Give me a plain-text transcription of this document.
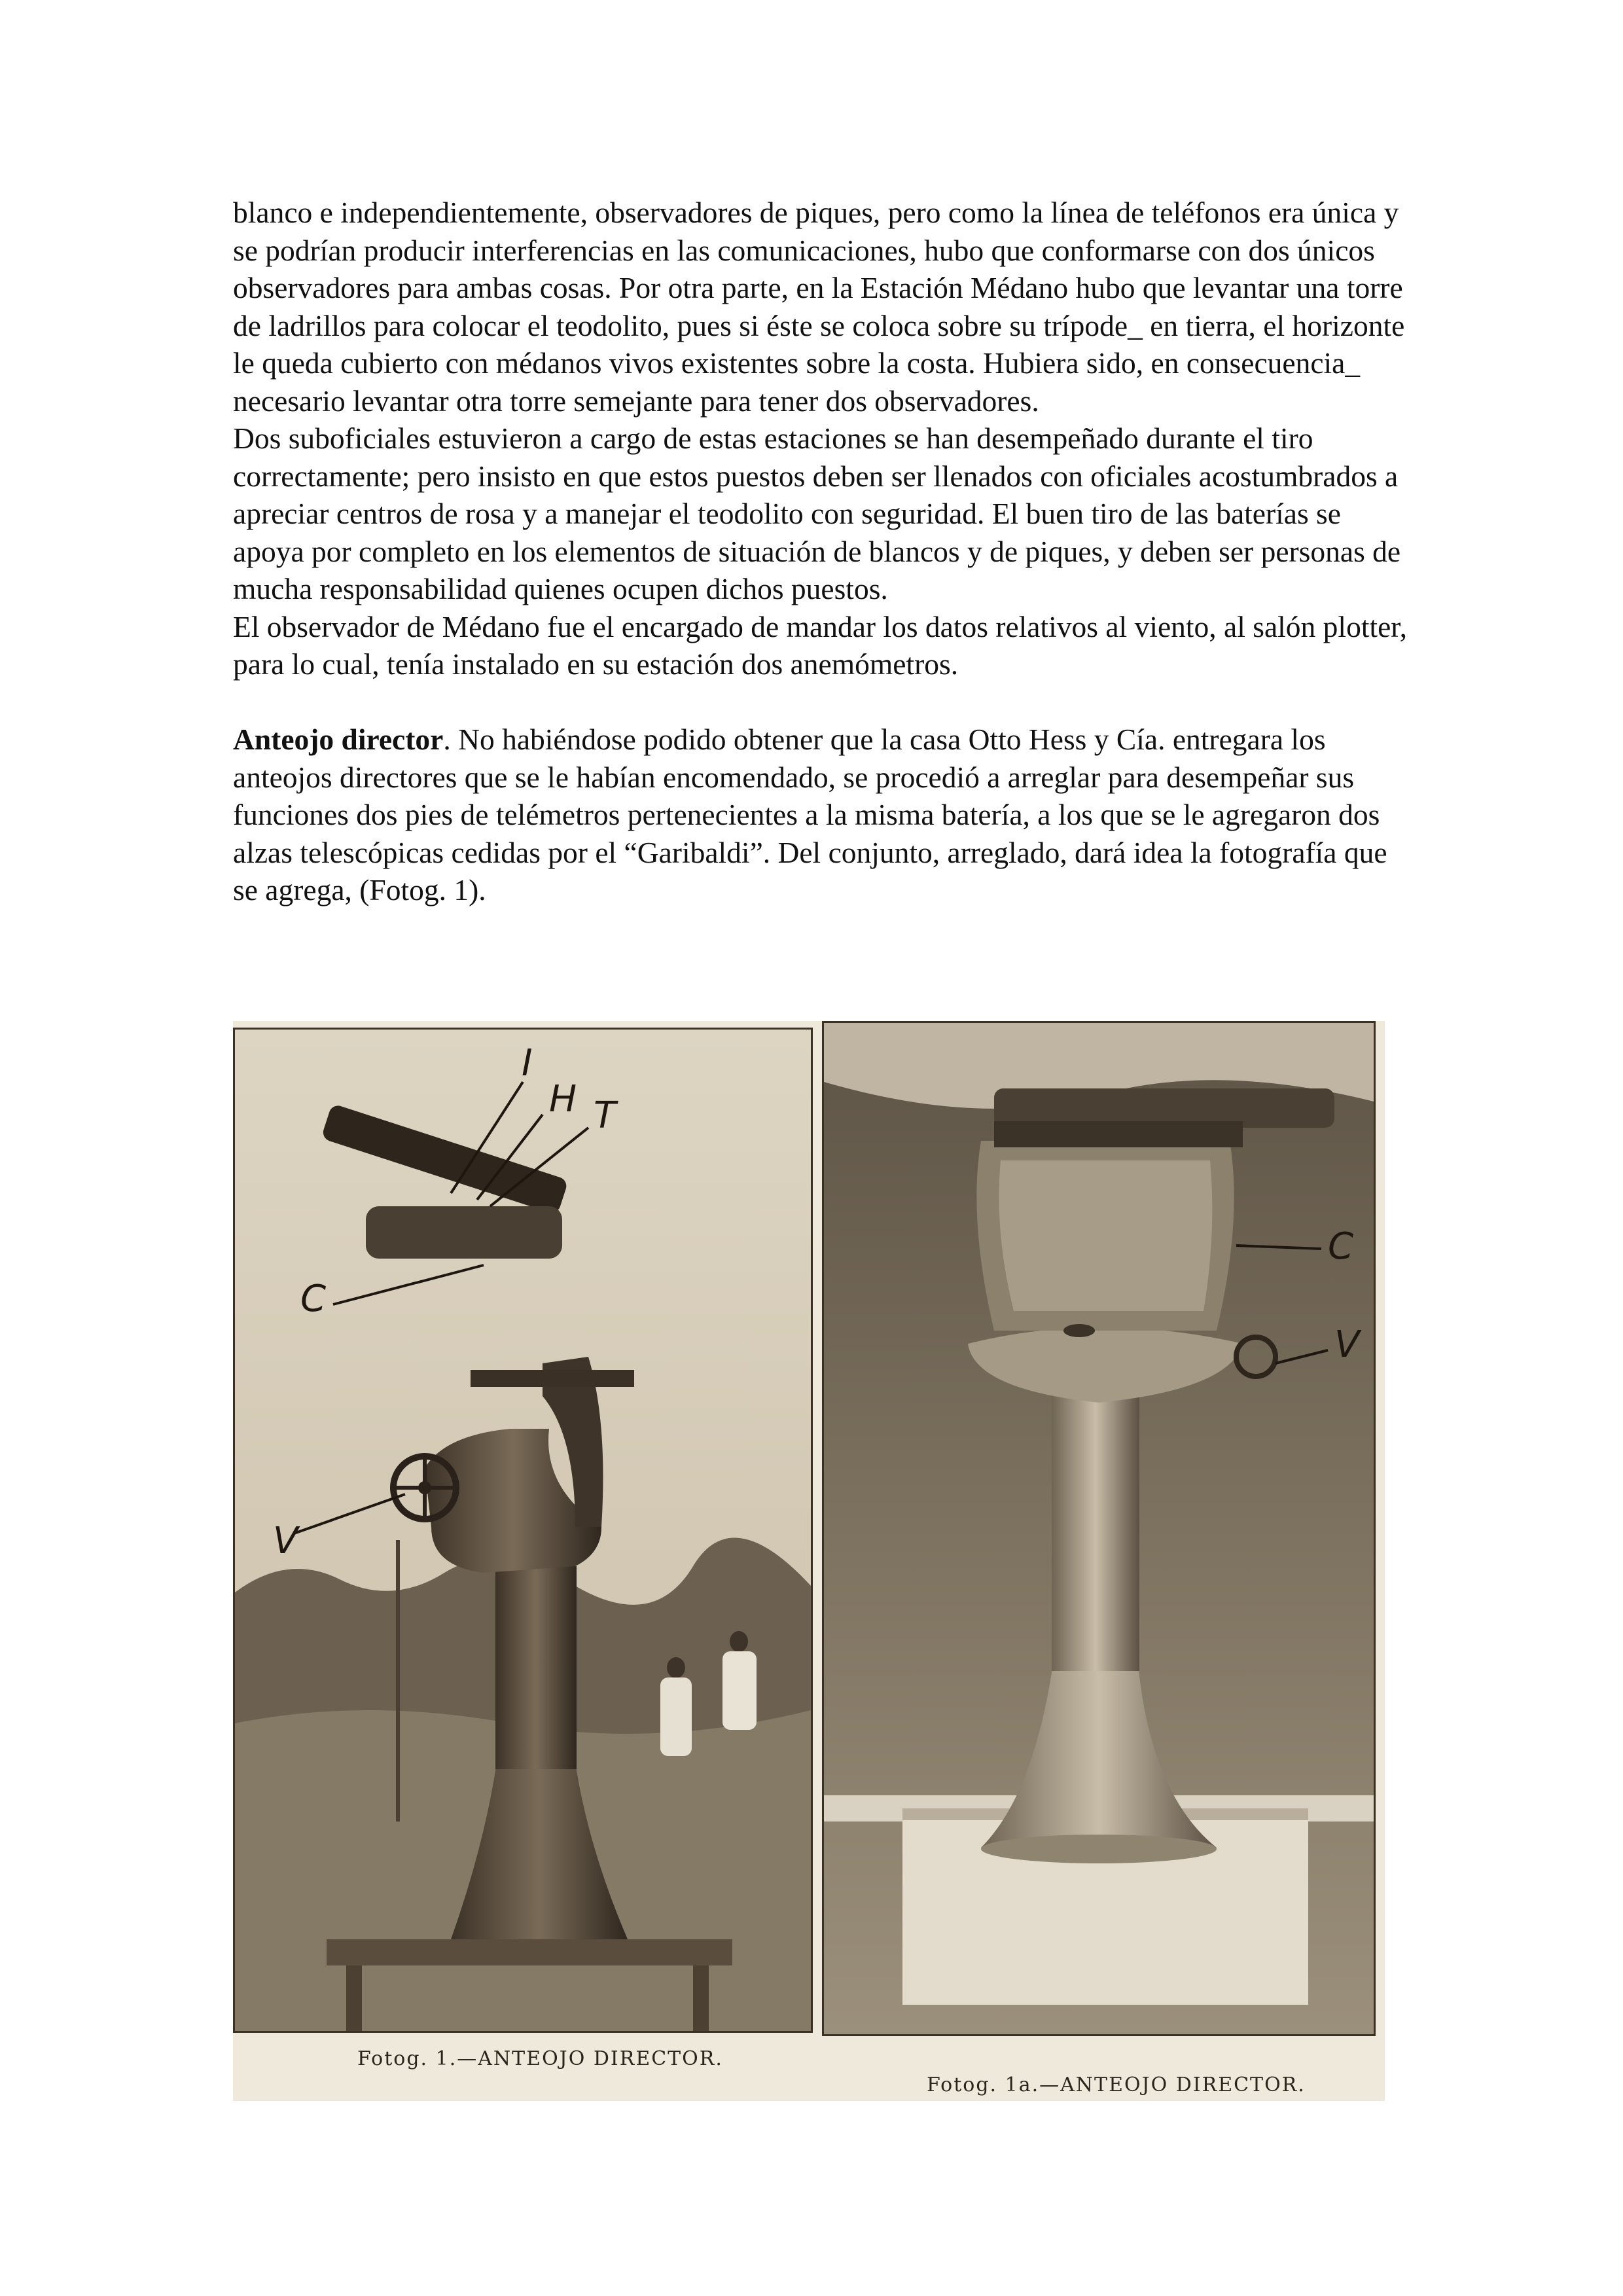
blanco e independientemente, observadores de piques, pero como la línea de teléfonos era única y se podrían producir interferencias en las comunicaciones, hubo que conformarse con dos únicos observadores para ambas cosas. Por otra parte, en la Estación Médano hubo que levantar una torre de ladrillos para colocar el teodolito, pues si éste se coloca sobre su trípode_ en tierra, el horizonte le queda cubierto con médanos vivos existentes sobre la costa. Hubiera sido, en consecuencia_ necesario levantar otra torre semejante para tener dos observadores.

Dos suboficiales estuvieron a cargo de estas estaciones se han desempeñado durante el tiro correctamente; pero insisto en que estos puestos deben ser llenados con oficiales acostumbrados a apreciar centros de rosa y a manejar el teodolito con seguridad. El buen tiro de las baterías se apoya por completo en los elementos de situación de blancos y de piques, y deben ser personas de mucha responsabilidad quienes ocupen dichos puestos.

El observador de Médano fue el encargado de mandar los datos relativos al viento, al salón plotter, para lo cual, tenía instalado en su estación dos anemómetros.

Anteojo director. No habiéndose podido obtener que la casa Otto Hess y Cía. entregara los anteojos directores que se le habían encomendado, se procedió a arreglar para desempeñar sus funciones dos pies de telémetros pertenecientes a la misma batería, a los que se le agregaron dos alzas telescópicas cedidas por el “Garibaldi”. Del conjunto, arreglado, dará idea la fotografía que se agrega, (Fotog. 1).

I
H T
C
V
C
V
Fotog. 1.—ANTEOJO DIRECTOR.
Fotog. 1a.—ANTEOJO DIRECTOR.
